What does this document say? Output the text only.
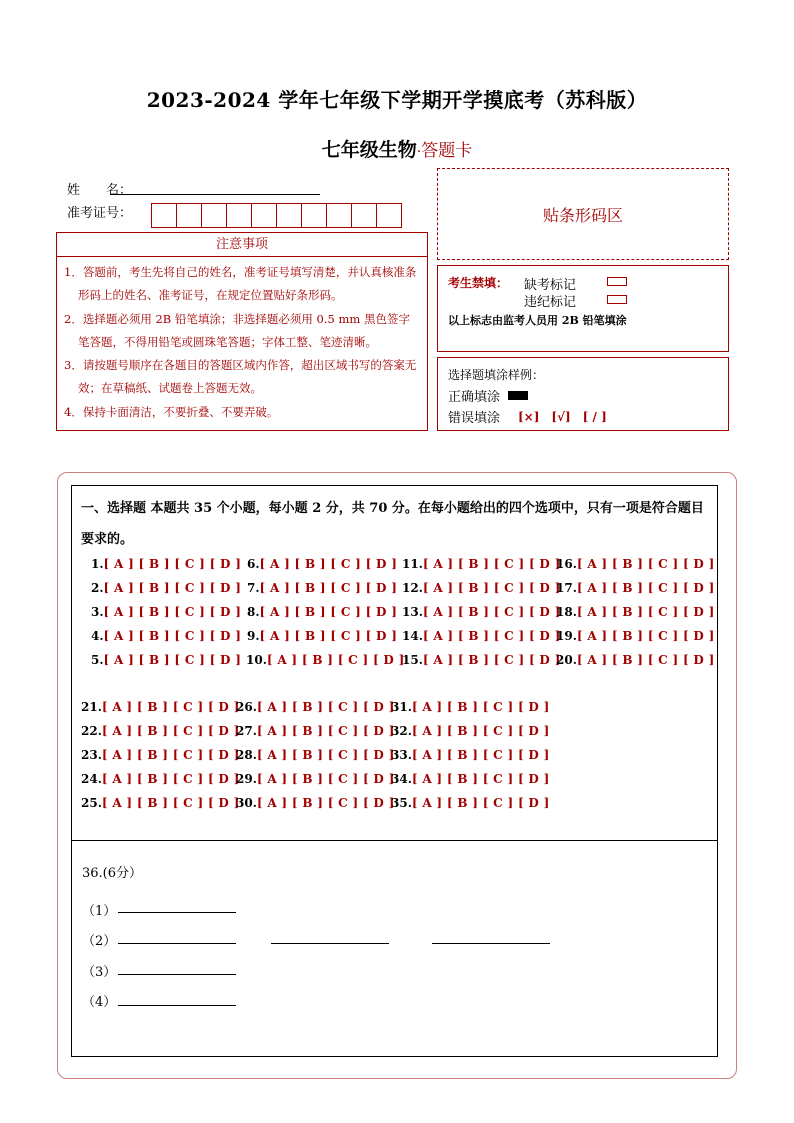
2023-2024 学年七年级下学期开学摸底考（苏科版）
七年级生物·答题卡
姓　　名：
准考证号：	贴条形码区
注意事项
1．答题前，考生先将自己的姓名，准考证号填写清楚，并认真核准条形码上的姓名、准考证号，在规定位置贴好条形码。
2．选择题必须用 2B 铅笔填涂；非选择题必须用 0.5 mm 黑色签字笔答题，不得用铅笔或圆珠笔答题；字体工整、笔迹清晰。
3．请按题号顺序在各题目的答题区域内作答，超出区域书写的答案无效；在草稿纸、试题卷上答题无效。
4．保持卡面清洁，不要折叠、不要弄破。
考生禁填： 缺考标记
违纪标记
以上标志由监考人员用 2B 铅笔填涂
选择题填涂样例：
正确填涂
错误填涂 [×]　[√]　[ / ]
一、选择题 本题共 35 个小题，每小题 2 分，共 70 分。在每小题给出的四个选项中，只有一项是符合题目要求的。
1.[ A ] [ B ] [ C ] [ D ]
2.[ A ] [ B ] [ C ] [ D ]
3.[ A ] [ B ] [ C ] [ D ]
4.[ A ] [ B ] [ C ] [ D ]
5.[ A ] [ B ] [ C ] [ D ]
6.[ A ] [ B ] [ C ] [ D ]
7.[ A ] [ B ] [ C ] [ D ]
8.[ A ] [ B ] [ C ] [ D ]
9.[ A ] [ B ] [ C ] [ D ]
10.[ A ] [ B ] [ C ] [ D ]
11.[ A ] [ B ] [ C ] [ D ]
12.[ A ] [ B ] [ C ] [ D ]
13.[ A ] [ B ] [ C ] [ D ]
14.[ A ] [ B ] [ C ] [ D ]
15.[ A ] [ B ] [ C ] [ D ]
16.[ A ] [ B ] [ C ] [ D ]
17.[ A ] [ B ] [ C ] [ D ]
18.[ A ] [ B ] [ C ] [ D ]
19.[ A ] [ B ] [ C ] [ D ]
20.[ A ] [ B ] [ C ] [ D ]
21.[ A ] [ B ] [ C ] [ D ]
22.[ A ] [ B ] [ C ] [ D ]
23.[ A ] [ B ] [ C ] [ D ]
24.[ A ] [ B ] [ C ] [ D ]
25.[ A ] [ B ] [ C ] [ D ]
26.[ A ] [ B ] [ C ] [ D ]
27.[ A ] [ B ] [ C ] [ D ]
28.[ A ] [ B ] [ C ] [ D ]
29.[ A ] [ B ] [ C ] [ D ]
30.[ A ] [ B ] [ C ] [ D ]
31.[ A ] [ B ] [ C ] [ D ]
32.[ A ] [ B ] [ C ] [ D ]
33.[ A ] [ B ] [ C ] [ D ]
34.[ A ] [ B ] [ C ] [ D ]
35.[ A ] [ B ] [ C ] [ D ]
36.(6分）
（1）
（2）
（3）
（4）
